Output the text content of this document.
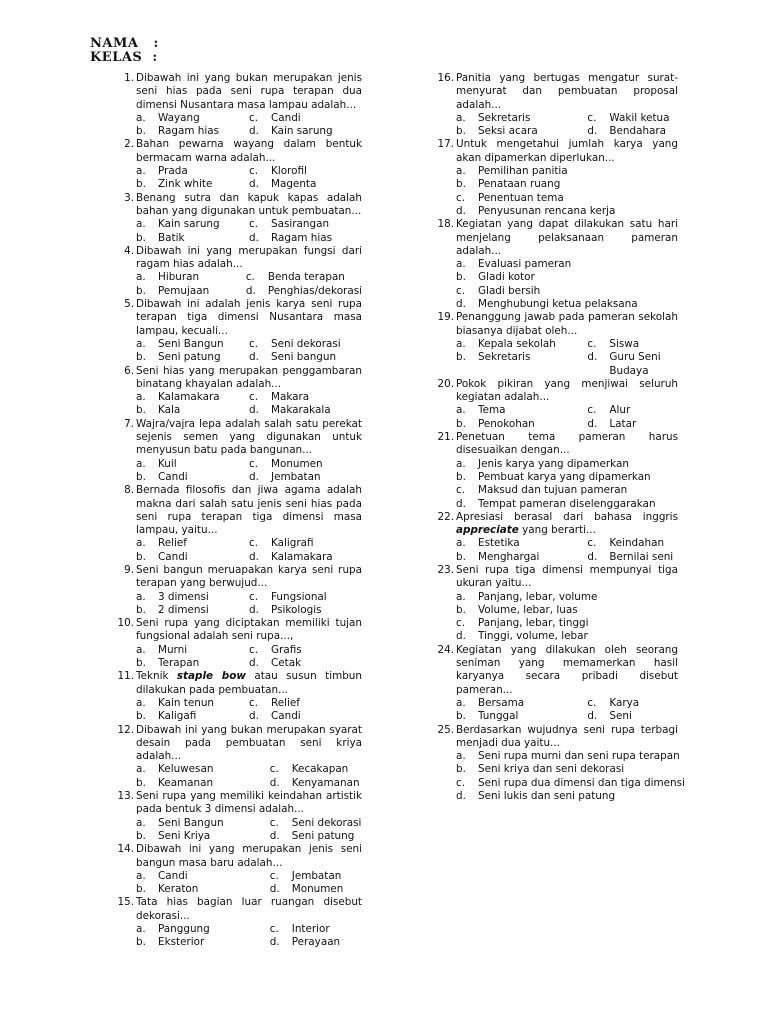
NAMA   :
KELAS  :
1. Dibawah ini yang bukan merupakan jenis seni hias pada seni rupa terapan dua dimensi Nusantara masa lampau adalah...
a.	Wayang	c.	Candi
b.	Ragam hias	d.	Kain sarung
2. Bahan pewarna wayang dalam bentuk bermacam warna adalah...
a.	Prada	c.	Klorofil
b.	Zink white	d.	Magenta
3. Benang sutra dan kapuk kapas adalah bahan yang digunakan untuk pembuatan...
a.	Kain sarung	c.	Sasirangan
b.	Batik	d.	Ragam hias
4. Dibawah ini yang merupakan fungsi dari ragam hias adalah...
a.	Hiburan	c.	Benda terapan
b.	Pemujaan	d.	Penghias/dekorasi
5. Dibawah ini adalah jenis karya seni rupa terapan tiga dimensi Nusantara masa lampau, kecuali...
a.	Seni Bangun	c.	Seni dekorasi
b.	Seni patung	d.	Seni bangun
6. Seni hias yang merupakan penggambaran binatang khayalan adalah...
a.	Kalamakara	c.	Makara
b.	Kala	d.	Makarakala
7. Wajra/vajra lepa adalah salah satu perekat sejenis semen yang digunakan untuk menyusun batu pada bangunan...
a.	Kuil	c.	Monumen
b.	Candi	d.	Jembatan
8. Bernada filosofis dan jiwa agama adalah makna dari salah satu jenis seni hias pada seni rupa terapan tiga dimensi masa lampau, yaitu...
a.	Relief	c.	Kaligrafi
b.	Candi	d.	Kalamakara
9. Seni bangun meruapakan karya seni rupa terapan yang berwujud...
a.	3 dimensi	c.	Fungsional
b.	2 dimensi	d.	Psikologis
10. Seni rupa yang diciptakan memiliki tujan fungsional adalah seni rupa...,
a.	Murni	c.	Grafis
b.	Terapan	d.	Cetak
11. Teknik staple bow atau susun timbun dilakukan pada pembuatan...
a.	Kain tenun	c.	Relief
b.	Kaligafi	d.	Candi
12. Dibawah ini yang bukan merupakan syarat desain pada pembuatan seni kriya adalah...
a.	Keluwesan	c.	Kecakapan
b.	Keamanan	d.	Kenyamanan
13. Seni rupa yang memiliki keindahan artistik pada bentuk 3 dimensi adalah...
a.	Seni Bangun	c.	Seni dekorasi
b.	Seni Kriya	d.	Seni patung
14. Dibawah ini yang merupakan jenis seni bangun masa baru adalah...
a.	Candi	c.	Jembatan
b.	Keraton	d.	Monumen
15. Tata hias bagian luar ruangan disebut dekorasi...
a.	Panggung	c.	Interior
b.	Eksterior	d.	Perayaan
16. Panitia yang bertugas mengatur surat-menyurat dan pembuatan proposal adalah...
a.	Sekretaris	c.	Wakil ketua
b.	Seksi acara	d.	Bendahara
17. Untuk mengetahui jumlah karya yang akan dipamerkan diperlukan...
a.	Pemilihan panitia
b.	Penataan ruang
c.	Penentuan tema
d.	Penyusunan rencana kerja
18. Kegiatan yang dapat dilakukan satu hari menjelang pelaksanaan pameran adalah...
a.	Evaluasi pameran
b.	Gladi kotor
c.	Gladi bersih
d.	Menghubungi ketua pelaksana
19. Penanggung jawab pada pameran sekolah biasanya dijabat oleh...
a.	Kepala sekolah	c.	Siswa
b.	Sekretaris	d.	Guru Seni Budaya
20. Pokok pikiran yang menjiwai seluruh kegiatan adalah...
a.	Tema	c.	Alur
b.	Penokohan	d.	Latar
21. Penetuan tema pameran harus disesuaikan dengan...
a.	Jenis karya yang dipamerkan
b.	Pembuat karya yang dipamerkan
c.	Maksud dan tujuan pameran
d.	Tempat pameran diselenggarakan
22. Apresiasi berasal dari bahasa inggris appreciate yang berarti...
a.	Estetika	c.	Keindahan
b.	Menghargai	d.	Bernilai seni
23. Seni rupa tiga dimensi mempunyai tiga ukuran yaitu...
a.	Panjang, lebar, volume
b.	Volume, lebar, luas
c.	Panjang, lebar, tinggi
d.	Tinggi, volume, lebar
24. Kegiatan yang dilakukan oleh seorang seniman yang memamerkan hasil karyanya secara pribadi disebut pameran...
a.	Bersama	c.	Karya
b.	Tunggal	d.	Seni
25. Berdasarkan wujudnya seni rupa terbagi menjadi dua yaitu...
a.	Seni rupa murni dan seni rupa terapan
b.	Seni kriya dan seni dekorasi
c.	Seni rupa dua dimensi dan tiga dimensi
d.	Seni lukis dan seni patung
